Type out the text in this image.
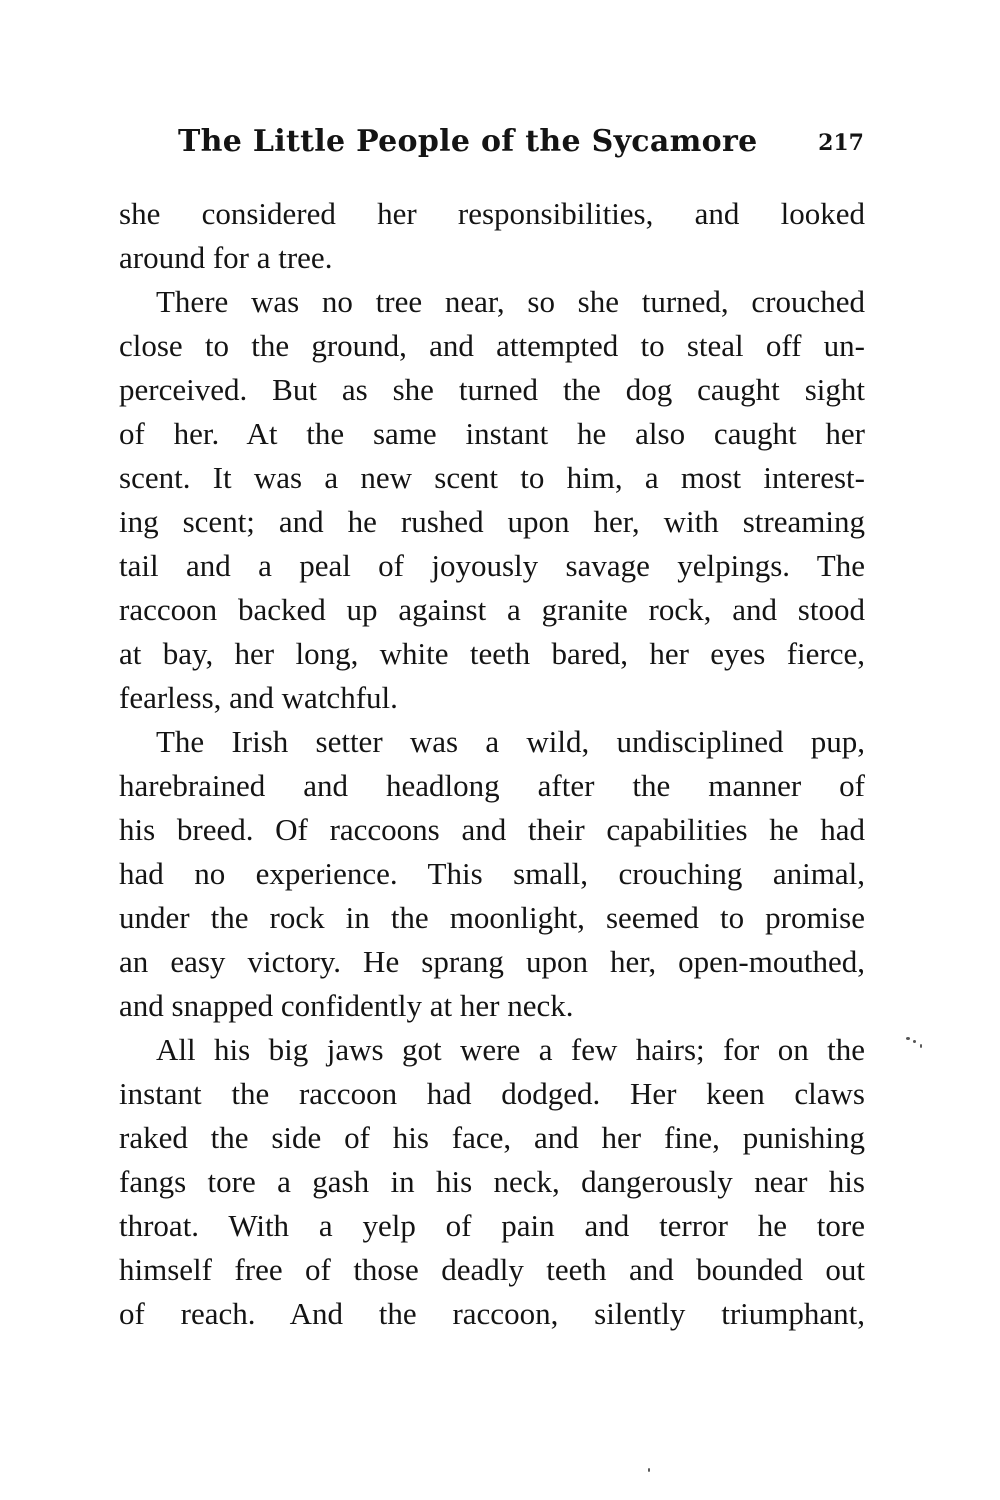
The Little People of the Sycamore	217
she considered her responsibilities, and looked
around for a tree.
There was no tree near, so she turned, crouched
close to the ground, and attempted to steal off un-
perceived. But as she turned the dog caught sight
of her. At the same instant he also caught her
scent. It was a new scent to him, a most interest-
ing scent; and he rushed upon her, with streaming
tail and a peal of joyously savage yelpings. The
raccoon backed up against a granite rock, and stood
at bay, her long, white teeth bared, her eyes fierce,
fearless, and watchful.
The Irish setter was a wild, undisciplined pup,
harebrained and headlong after the manner of
his breed. Of raccoons and their capabilities he had
had no experience. This small, crouching animal,
under the rock in the moonlight, seemed to promise
an easy victory. He sprang upon her, open-mouthed,
and snapped confidently at her neck.
All his big jaws got were a few hairs; for on the
instant the raccoon had dodged. Her keen claws
raked the side of his face, and her fine, punishing
fangs tore a gash in his neck, dangerously near his
throat. With a yelp of pain and terror he tore
himself free of those deadly teeth and bounded out
of reach. And the raccoon, silently triumphant,
